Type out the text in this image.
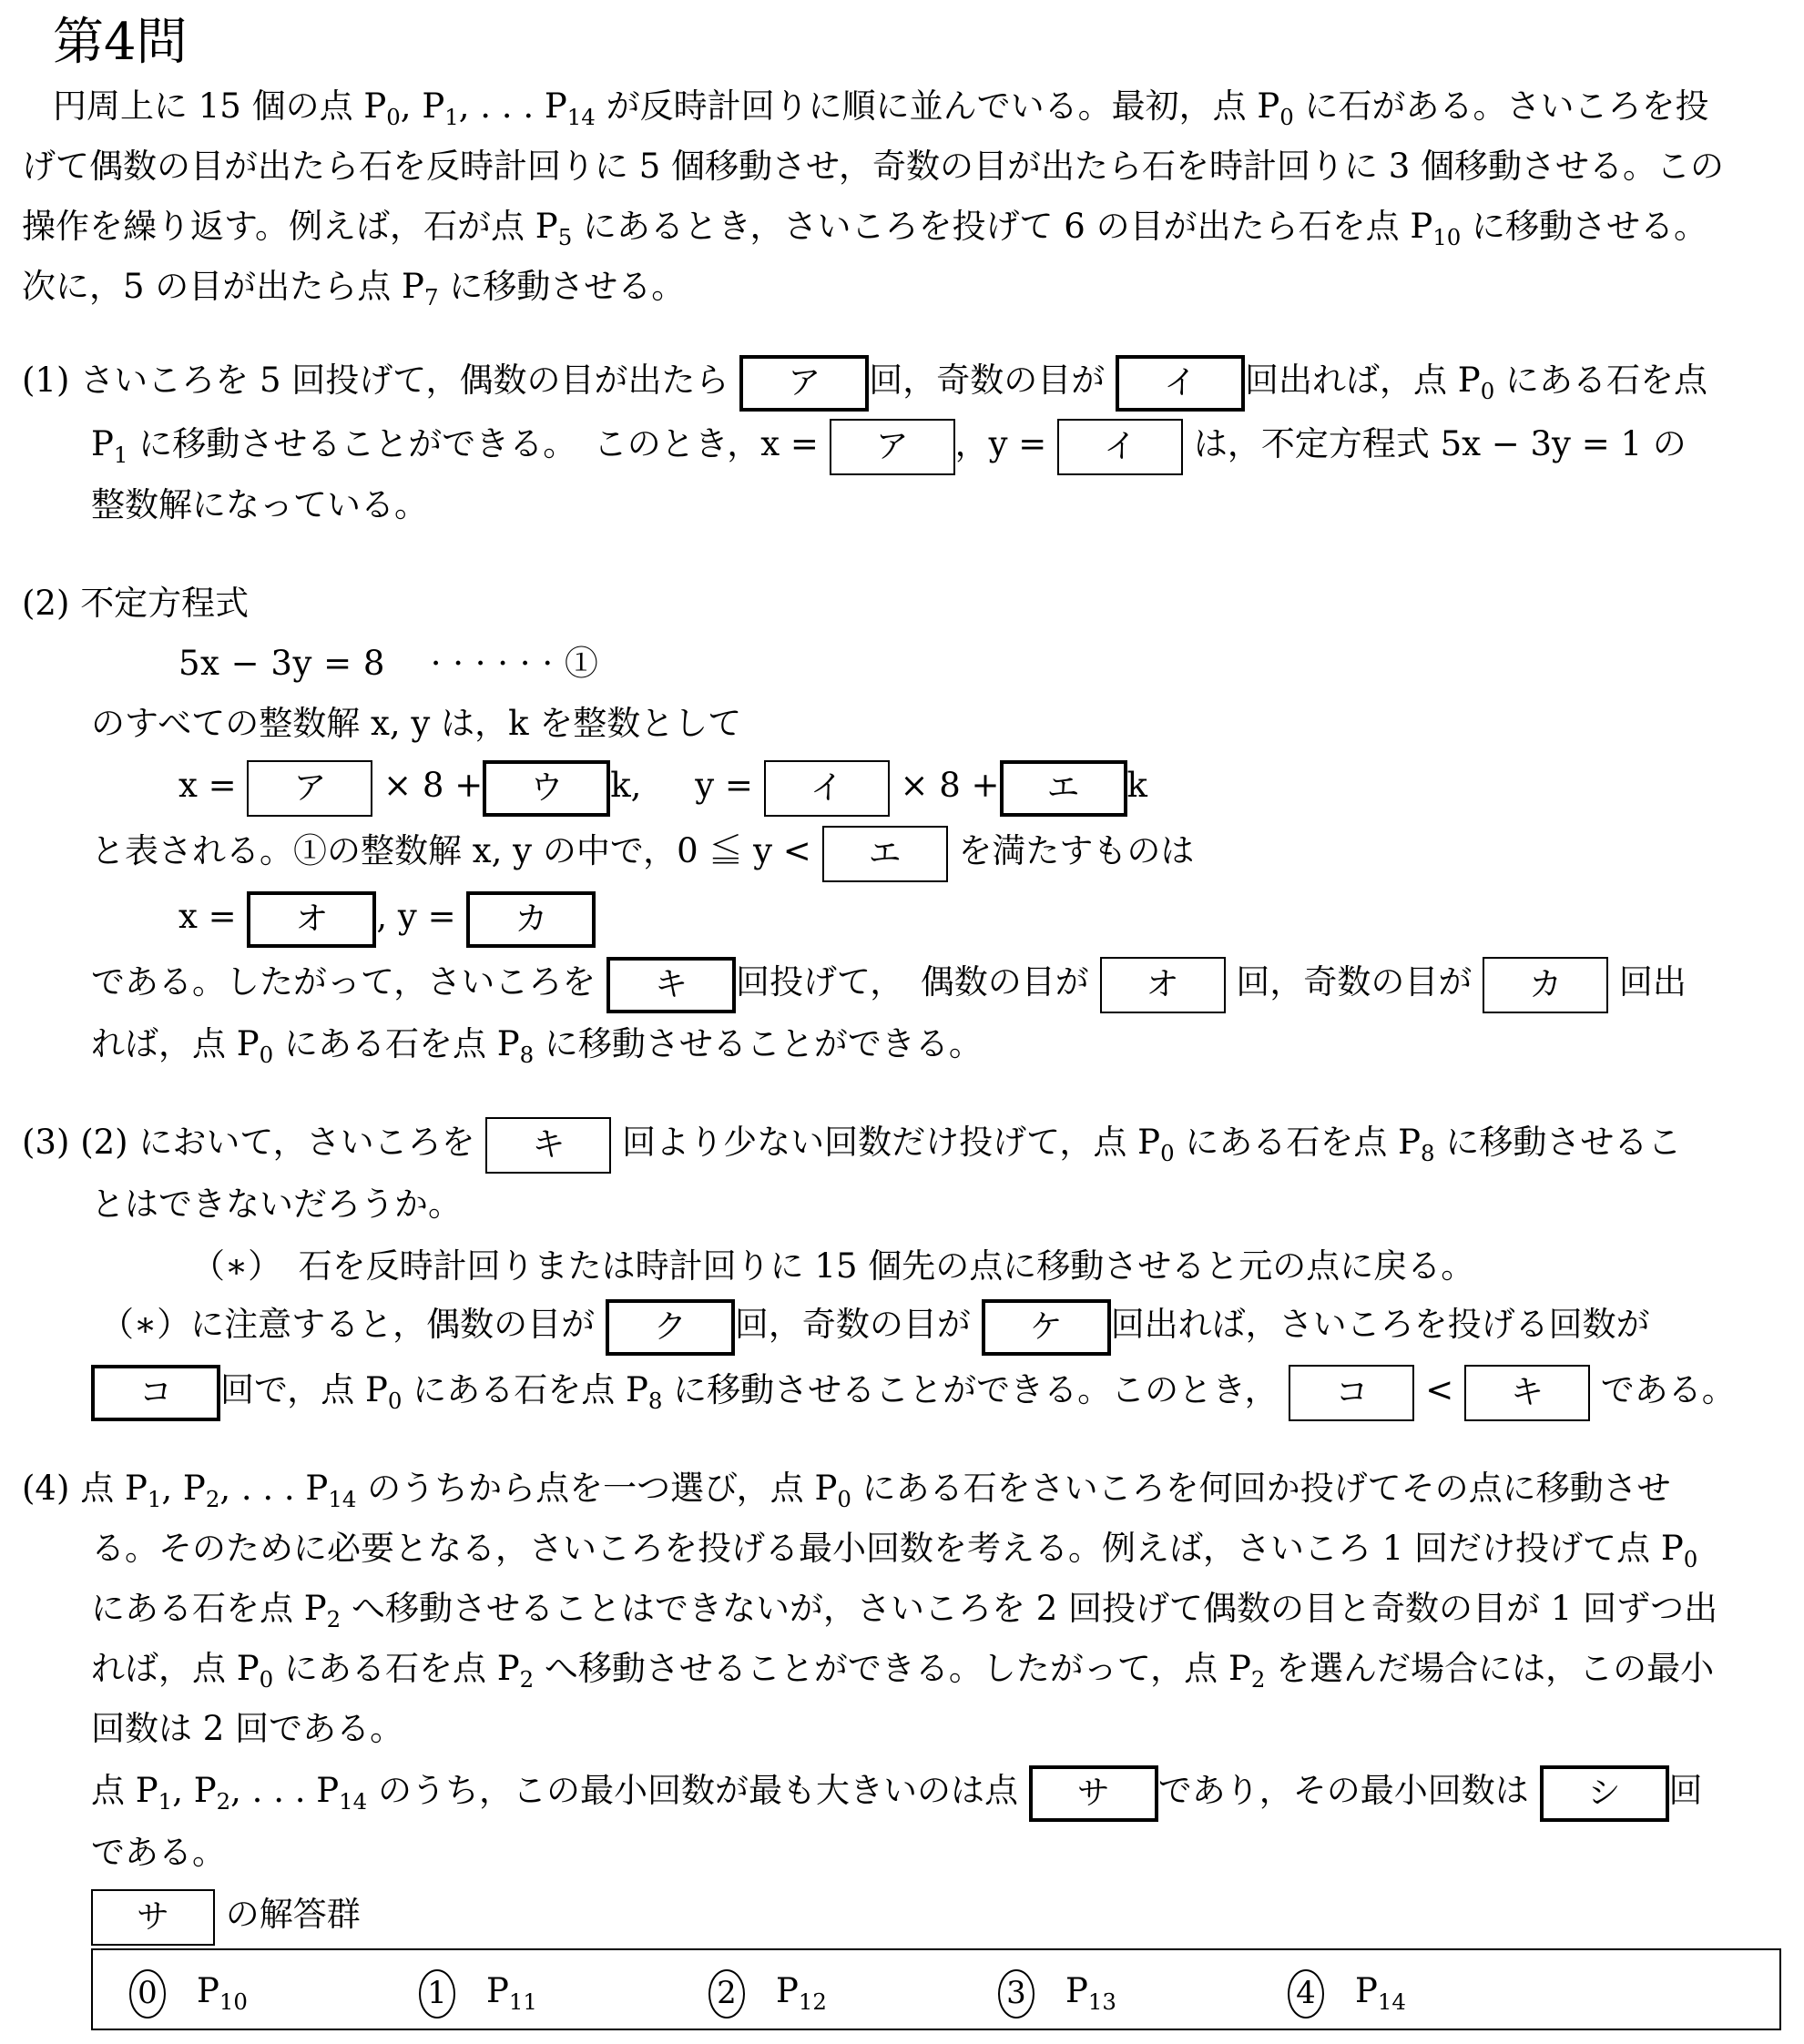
第4問
円周上に 15 個の点 $P_0$, $P_1$, . . . $P_{14}$ が反時計回りに順に並んでいる。最初，点 $P_0$ に石がある。さいころを投
げて偶数の目が出たら石を反時計回りに 5 個移動させ，奇数の目が出たら石を時計回りに 3 個移動させる。この
操作を繰り返す。例えば，石が点 $P_5$ にあるとき，さいころを投げて 6 の目が出たら石を点 $P_{10}$ に移動させる。
次に，5 の目が出たら点 $P_7$ に移動させる。
(1) さいころを 5 回投げて，偶数の目が出たら ア 回，奇数の目が イ 回出れば，点 $P_0$ にある石を点
$P_1$ に移動させることができる。　このとき，x = ア ，y = イ は，不定方程式 5x − 3y = 1 の
整数解になっている。
(2) 不定方程式
5x − 3y = 8　 · · · · · · ①
のすべての整数解 x, y は，k を整数として
x = ア × 8 + ウ k, y = イ × 8 + エ k
と表される。①の整数解 x, y の中で，0 ≦ y < エ を満たすものは
x = オ , y = カ
である。したがって，さいころを キ 回投げて，　偶数の目が オ 回，奇数の目が カ 回出
れば，点 $P_0$ にある石を点 $P_8$ に移動させることができる。
(3) (2) において，さいころを キ 回より少ない回数だけ投げて，点 $P_0$ にある石を点 $P_8$ に移動させるこ
とはできないだろうか。
（∗）　石を反時計回りまたは時計回りに 15 個先の点に移動させると元の点に戻る。
（∗）に注意すると，偶数の目が ク 回，奇数の目が ケ 回出れば，さいころを投げる回数が
コ 回で，点 $P_0$ にある石を点 $P_8$ に移動させることができる。このとき， コ < キ である。
(4) 点 $P_1$, $P_2$, . . . $P_{14}$ のうちから点を一つ選び，点 $P_0$ にある石をさいころを何回か投げてその点に移動させ
る。そのために必要となる，さいころを投げる最小回数を考える。例えば，さいころ 1 回だけ投げて点 $P_0$
にある石を点 $P_2$ へ移動させることはできないが，さいころを 2 回投げて偶数の目と奇数の目が 1 回ずつ出
れば，点 $P_0$ にある石を点 $P_2$ へ移動させることができる。したがって，点 $P_2$ を選んだ場合には，この最小
回数は 2 回である。
点 $P_1$, $P_2$, . . . $P_{14}$ のうち，この最小回数が最も大きいのは点 サ であり，その最小回数は シ 回
である。
サ の解答群
0 $P_{10}$	1 $P_{11}$	2 $P_{12}$	3 $P_{13}$	4 $P_{14}$
